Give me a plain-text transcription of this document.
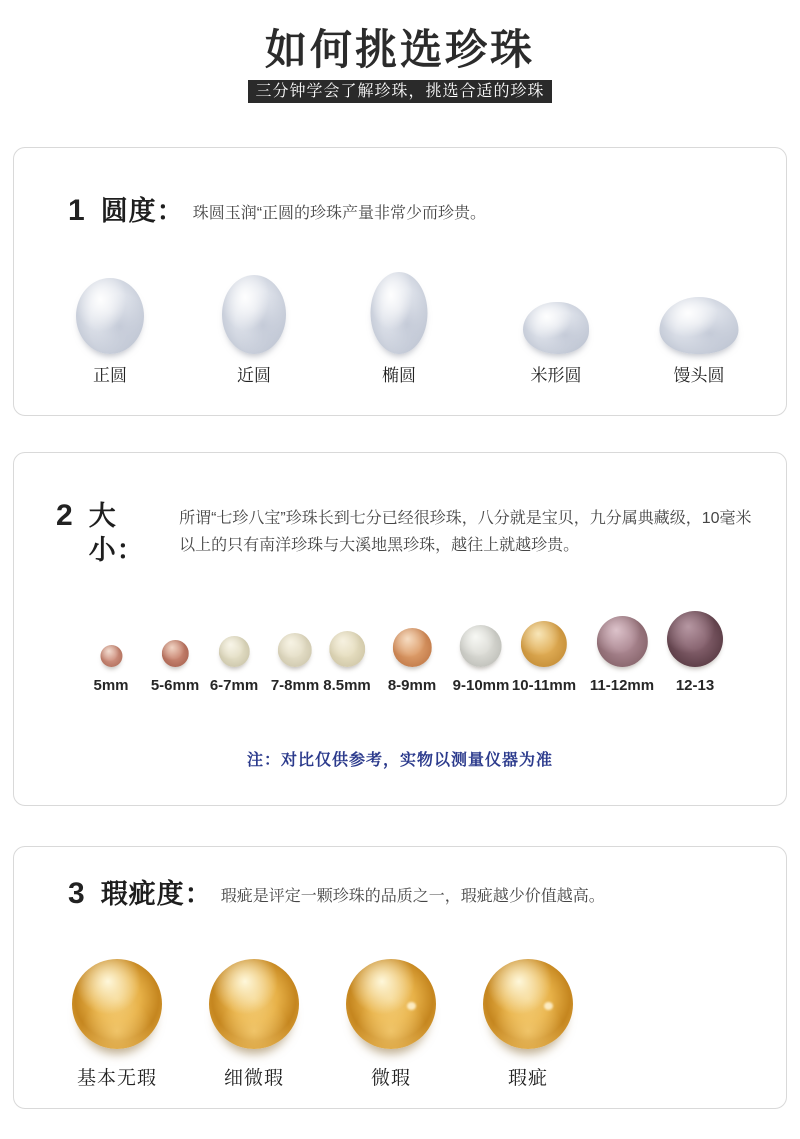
如何挑选珍珠
三分钟学会了解珍珠，挑选合适的珍珠
1 圆度： 珠圆玉润“正圆的珍珠产量非常少而珍贵。
正圆	近圆	椭圆	米形圆	馒头圆
2 大小：
所谓“七珍八宝”珍珠长到七分已经很珍珠，八分就是宝贝，九分属典藏级，10毫米以上的只有南洋珍珠与大溪地黑珍珠，越往上就越珍贵。
5mm 5-6mm 6-7mm 7-8mm 8.5mm 8-9mm 9-10mm 10-11mm 11-12mm 12-13
注：对比仅供参考，实物以测量仪器为准
3 瑕疵度： 瑕疵是评定一颗珍珠的品质之一，瑕疵越少价值越高。
基本无瑕	细微瑕	微瑕	瑕疵
